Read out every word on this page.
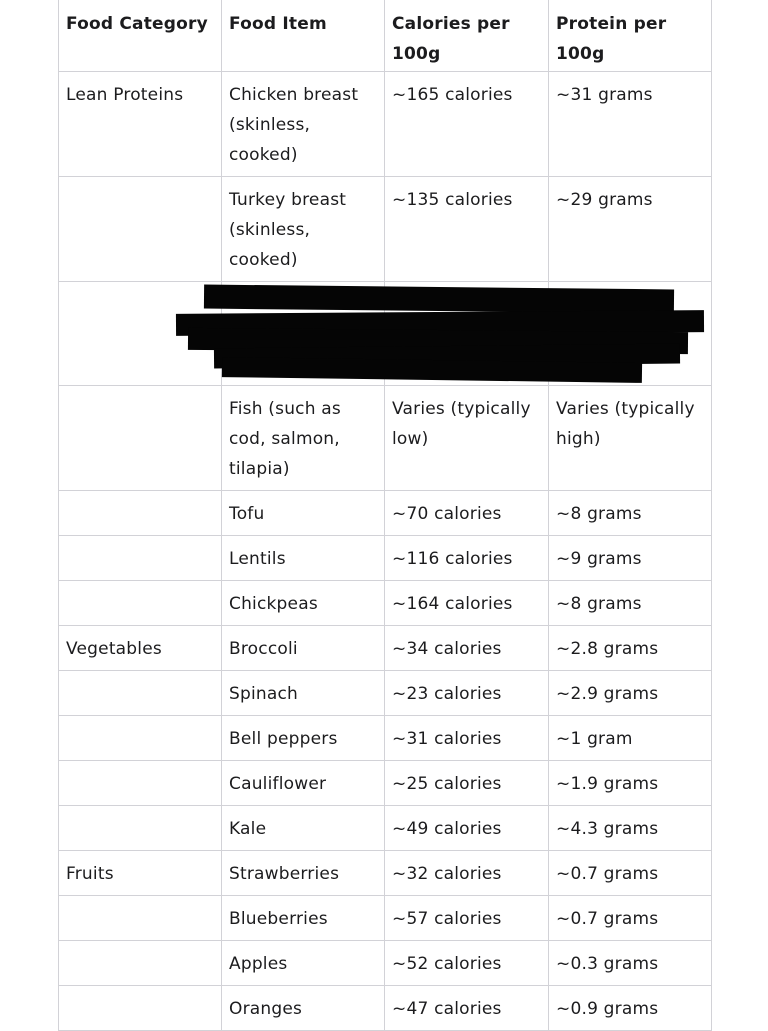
Food Category	Food Item	Calories per 100g	Protein per 100g
Lean Proteins	Chicken breast (skinless, cooked)	~165 calories	~31 grams
	Turkey breast (skinless, cooked)	~135 calories	~29 grams

	Fish (such as cod, salmon, tilapia)	Varies (typically low)	Varies (typically high)
	Tofu	~70 calories	~8 grams
	Lentils	~116 calories	~9 grams
	Chickpeas	~164 calories	~8 grams
Vegetables	Broccoli	~34 calories	~2.8 grams
	Spinach	~23 calories	~2.9 grams
	Bell peppers	~31 calories	~1 gram
	Cauliflower	~25 calories	~1.9 grams
	Kale	~49 calories	~4.3 grams
Fruits	Strawberries	~32 calories	~0.7 grams
	Blueberries	~57 calories	~0.7 grams
	Apples	~52 calories	~0.3 grams
	Oranges	~47 calories	~0.9 grams
